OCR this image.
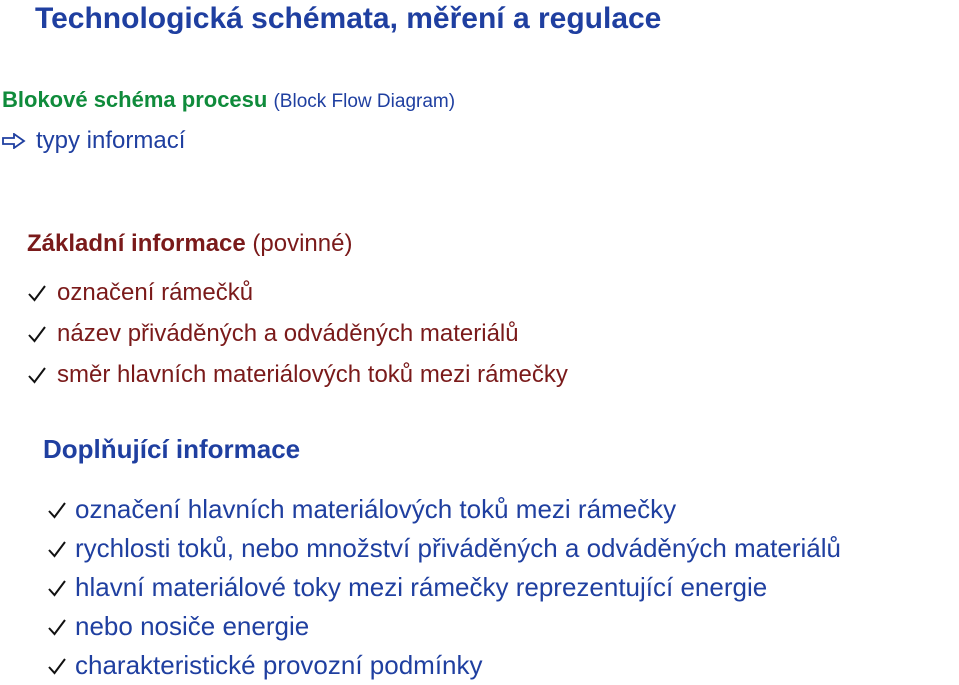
Technologická schémata, měření a regulace
Blokové schéma procesu (Block Flow Diagram)
typy informací
Základní informace (povinné)
označení rámečků
název přiváděných a odváděných materiálů
směr hlavních materiálových toků mezi rámečky
Doplňující informace
označení hlavních materiálových toků mezi rámečky
rychlosti toků, nebo množství přiváděných a odváděných materiálů
hlavní materiálové toky mezi rámečky reprezentující energie
nebo nosiče energie
charakteristické provozní podmínky
